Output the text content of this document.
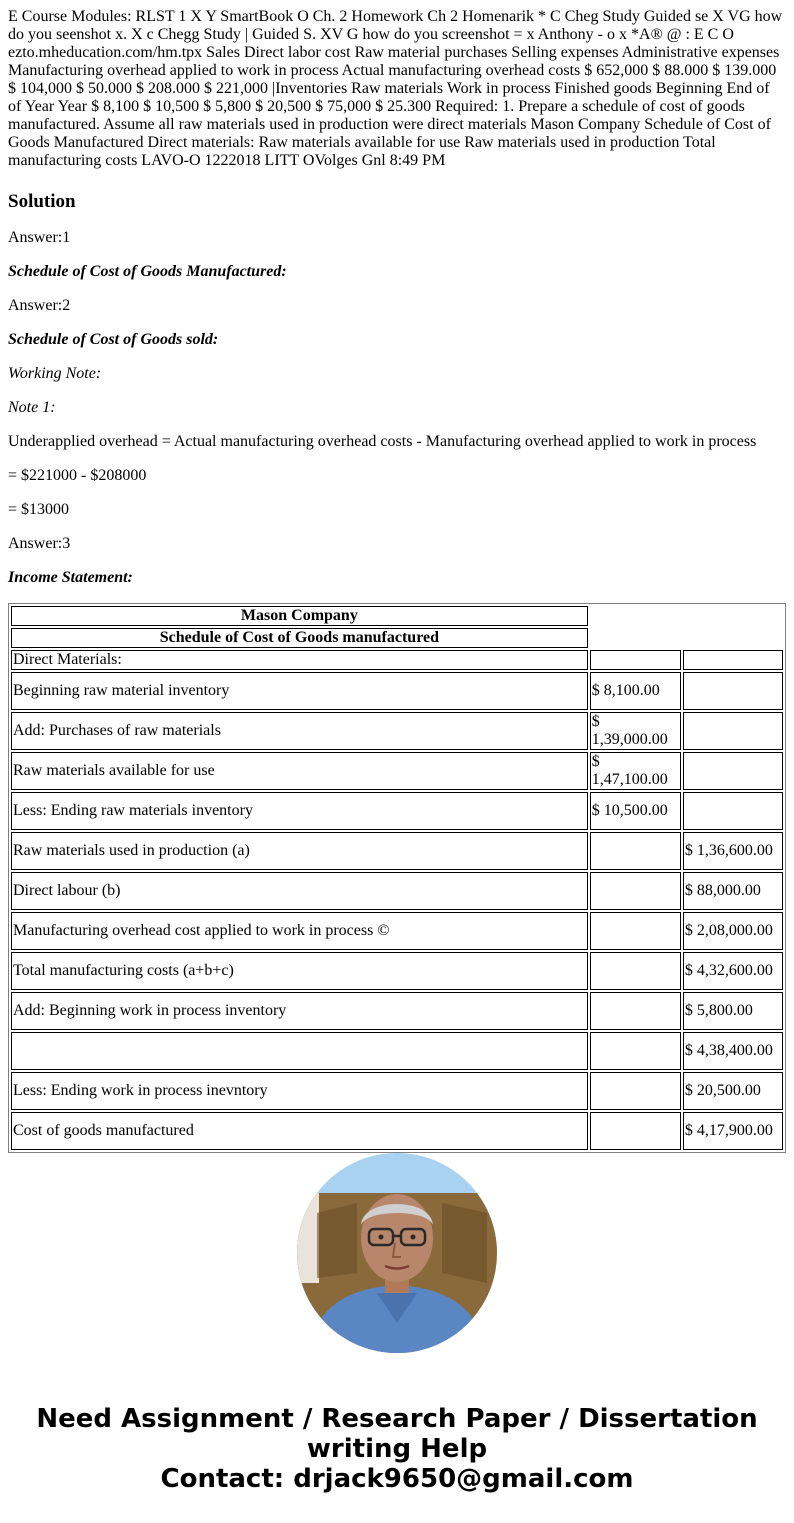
E Course Modules: RLST 1 X Y SmartBook O Ch. 2 Homework Ch 2 Homenarik * C Cheg Study Guided se X VG how do you seenshot x. X c Chegg Study | Guided S. XV G how do you screenshot = x Anthony - o x *A® @ : E C O ezto.mheducation.com/hm.tpx Sales Direct labor cost Raw material purchases Selling expenses Administrative expenses Manufacturing overhead applied to work in process Actual manufacturing overhead costs $ 652,000 $ 88.000 $ 139.000 $ 104,000 $ 50.000 $ 208.000 $ 221,000 |Inventories Raw materials Work in process Finished goods Beginning End of of Year Year $ 8,100 $ 10,500 $ 5,800 $ 20,500 $ 75,000 $ 25.300 Required: 1. Prepare a schedule of cost of goods manufactured. Assume all raw materials used in production were direct materials Mason Company Schedule of Cost of Goods Manufactured Direct materials: Raw materials available for use Raw materials used in production Total manufacturing costs LAVO-O 1222018 LITT OVolges Gnl 8:49 PM

Solution

Answer:1

Schedule of Cost of Goods Manufactured:

Answer:2

Schedule of Cost of Goods sold:

Working Note:

Note 1:

Underapplied overhead = Actual manufacturing overhead costs - Manufacturing overhead applied to work in process

= $221000 - $208000

= $13000

Answer:3

Income Statement:

Mason Company		
Schedule of Cost of Goods manufactured		
Direct Materials:		
Beginning raw material inventory	$ 8,100.00	
Add: Purchases of raw materials	$ 1,39,000.00	
Raw materials available for use	$ 1,47,100.00	
Less: Ending raw materials inventory	$ 10,500.00	
Raw materials used in production (a)		$ 1,36,600.00
Direct labour (b)		$ 88,000.00
Manufacturing overhead cost applied to work in process ©		$ 2,08,000.00
Total manufacturing costs (a+b+c)		$ 4,32,600.00
Add: Beginning work in process inventory		$ 5,800.00
		$ 4,38,400.00
Less: Ending work in process inevntory		$ 20,500.00
Cost of goods manufactured		$ 4,17,900.00
Need Assignment / Research Paper / Dissertation
writing Help
Contact: drjack9650@gmail.com
